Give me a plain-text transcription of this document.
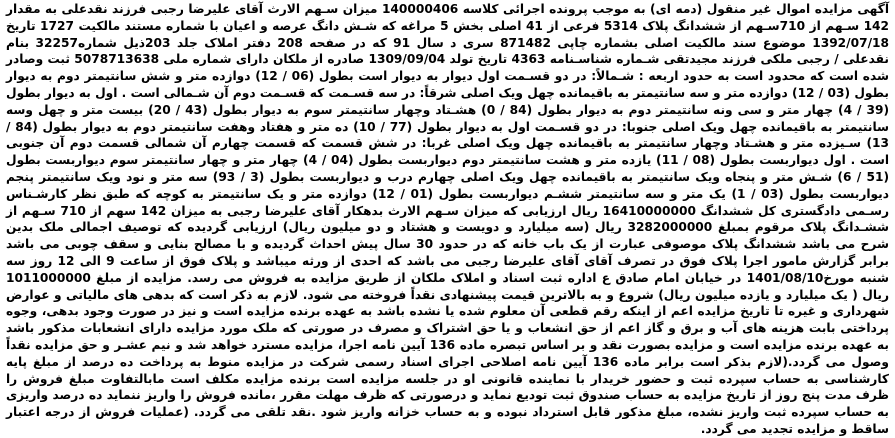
آگهی مزایده اموال غیر منقول (دمه ای) به موجب پرونده اجرائی کلاسه 140000406 میزان سـهم الارث آقای علیرضا رجبی فرزند نقدعلی به مقدار 142 سـهم از 710سـهم از ششدانگ پلاک 5314 فرعی از 41 اصلی بخش 5 مراغه که شـش دانگ عرصه و اعیان با شماره مستند مالکیت 1727 تاریخ 1392/07/18 موضوع سند مالکیت اصلی بشماره چاپی 871482 سری د سال 91 که در صفحه 208 دفتر املاک جلد 203ذیل شماره32257 بنام نقدعلی / رجبی ملکی فرزند مجیدتقی شـماره شناسـنامه 4363 تاریخ تولد 1309/09/04 صادره از ملکان دارای شماره ملی 5078713638 ثبت وصادر شده است که محدود است به حدود اربعه : شـمالاً: در دو قسـمت اول دیوار به دیوار است بطول (06 / 12) دوازده متر و شش سانتیمتر دوم به دیوار بطول (03 / 12) دوازده متر و سه سانتیمتر به باقیمانده چهل ویک اصلی شرقاً: در سه قسـمت که قسـمت دوم آن شـمالی است . اول به دیوار بطول (39 / 4) چهار متر و سی ونه سانتیمتر دوم به دیوار بطول (84 / 0) هشـتاد وچهار سانتیمتر سوم به دیوار بطول (43 / 20) بیست متر و چهل وسه سانتیمتر به باقیمانده چهل ویک اصلی جنوبا: در دو قسـمت اول به دیوار بطول (77 / 10) ده متر و هفتاد وهفت سانتیمتر دوم به دیوار بطول (84 / 13) سـیزده متر و هشـتاد وچهار سانتیمتر به باقیمانده چهل ویک اصلی غربا: در شش قسمت که قسمت چهارم آن شمالی قسمت دوم آن جنوبی است . اول دیواربست بطول (08 / 11) یازده متر و هشت سانتیمتر دوم دیواربست بطول (04 / 4) چهار متر و چهار سانتیمتر سوم دیواربست بطول (51 / 6) شـش متر و پنجاه ویک سانتیمتر به باقیمانده چهل ویک اصلی چهارم درب و دیواربست بطول (3 / 93) سه متر و نود ویک سانتیمتر پنجم دیواربست بطول (03 / 1) یک متر و سه سانتیمتر ششـم دیواربست بطول (01 / 12) دوازده متر و یک سانتیمتر به کوچه که طبق نظر کارشـناس رسـمی دادگستری کل ششدانگ 16410000000 ریال ارزیابی که میزان سـهم الارث بدهکار آقای علیرضا رجبی به میزان 142 سهم از 710 سـهم از ششـدانگ پلاک مرقوم بمبلغ 3282000000 ریال (سه میلیارد و دویست و هشتاد و دو میلیون ریال) ارزیابی گردیده که توصیف اجمالی ملک بدین شرح می باشد ششدانگ پلاک موصوفی عبارت از یک باب خانه که در حدود 30 سال پیش احداث گردیده و با مصالح بنایی و سقف چوبی می باشد برابر گزارش مامور اجرا پلاک فوق در تصرف آقای آقای علیرضا رجبی می باشد که احدی از ورثه میباشد و پلاک فوق از ساعت 9 الی 12 روز سه شنبه مورخ1401/08/10 در خیابان امام صادق ع اداره ثبت اسناد و املاک ملکان از طریق مزایده به فروش می رسد. مزایده از مبلغ 1011000000 ریال ( یک میلیارد و یازده میلیون ریال) شروع و به بالاترین قیمت پیشنهادی نقداً فروخته می شود. لازم به ذکر است که بدهی های مالیاتی و عوارض شهرداری و غیره تا تاریخ مزایده اعم از اینکه رقم قطعی آن معلوم شده یا نشده باشد به عهده برنده مزایده است و نیز در صورت وجود بدهی، وجوه پرداختی بابت هزینه های آب و برق و گاز اعم از حق انشعاب و یا حق اشتراک و مصرف در صورتی که ملک مورد مزایده دارای انشعابات مذکور باشد به عهده برنده مزایده است و مزایده بصورت نقد و بر اساس تبصره ماده 136 آیین نامه اجرا، مزایده مسترد خواهد شد و نیم عشـر و حق مزایده نقداً وصول می گردد.(لازم بذکر است برابر ماده 136 آیین نامه اصلاحی اجرای اسناد رسمی شرکت در مزایده منوط به پرداخت ده درصد از مبلغ پایه کارشناسی به حساب سپرده ثبت و حضور خریدار با نماینده قانونی او در جلسه مزایده است برنده مزایده مکلف است مابالتفاوت مبلغ فروش را ظرف مدت پنج روز از تاریخ مزایده به حساب صندوق ثبت تودیع نماید و درصورتی که ظرف مهلت مقرر ،مانده فروش را واریز ننماید ده درصد واریزی به حساب سپرده ثبت واریز نشده، مبلغ مذکور قابل استرداد نبوده و به حساب خزانه واریز شود .نقد تلقی می گردد. (عملیات فروش از درجه اعتبار ساقط و مزایده تجدید می گردد.
